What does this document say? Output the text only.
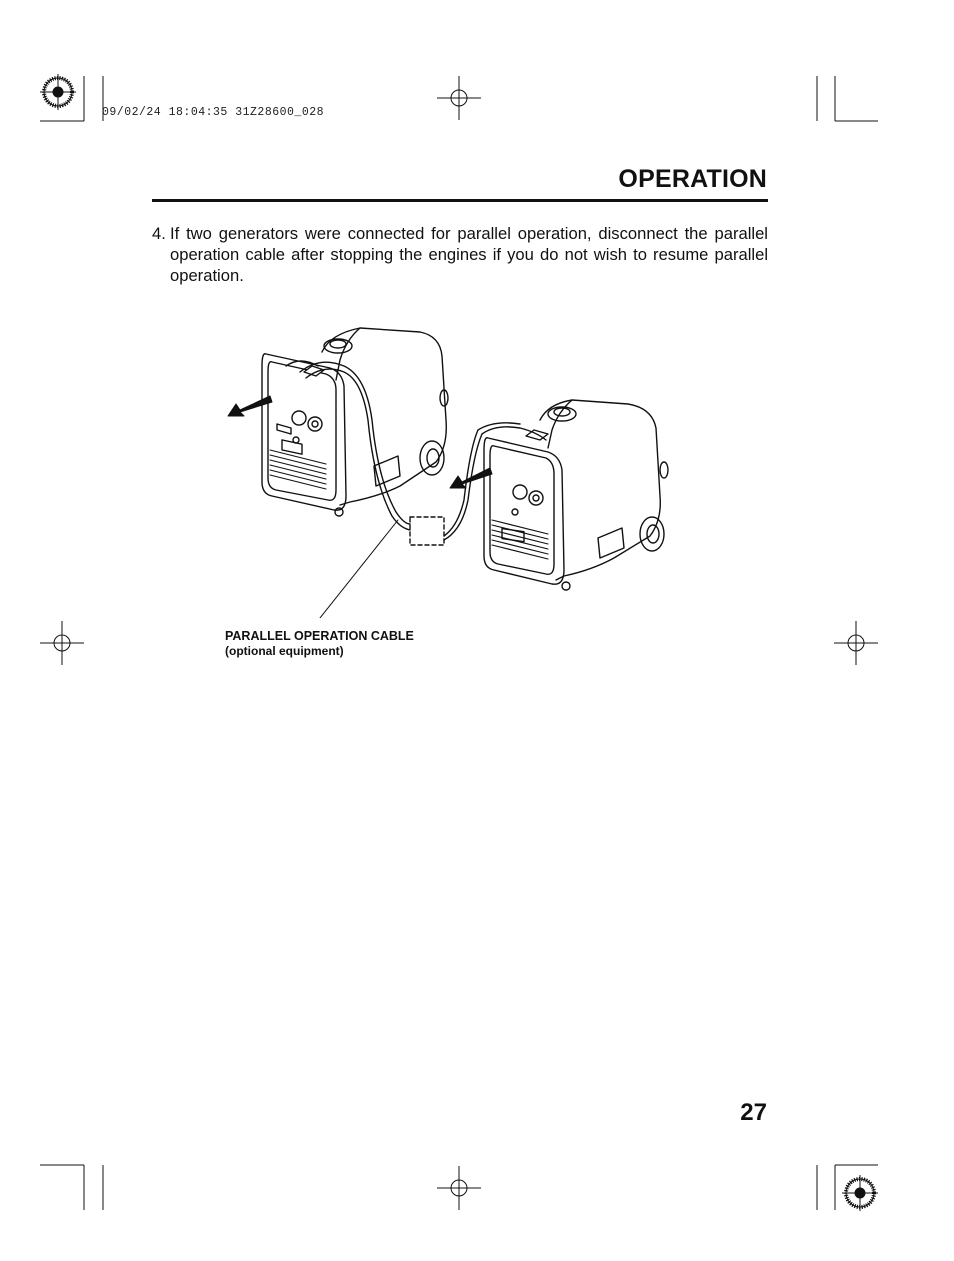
09/02/24 18:04:35 31Z28600_028
OPERATION
4. If two generators were connected for parallel operation, disconnect the parallel operation cable after stopping the engines if you do not wish to resume parallel operation.
PARALLEL OPERATION CABLE
(optional equipment)
27
